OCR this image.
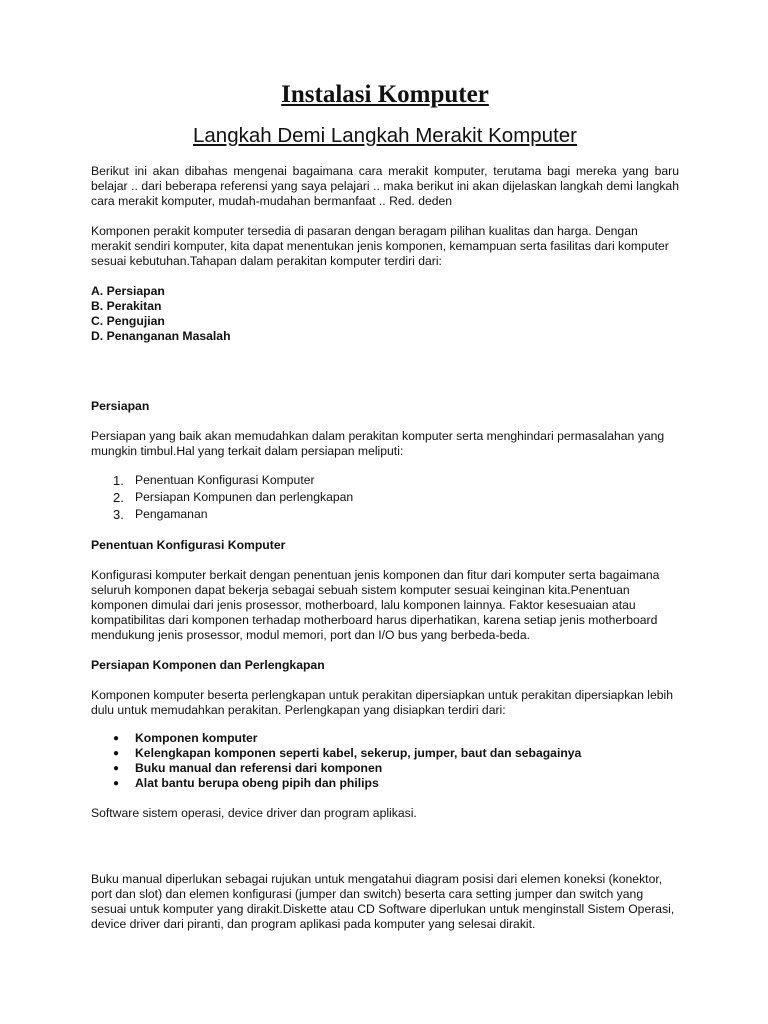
Instalasi Komputer
Langkah Demi Langkah Merakit Komputer

Berikut ini akan dibahas mengenai bagaimana cara merakit komputer, terutama bagi mereka yang baru belajar .. dari beberapa referensi yang saya pelajari .. maka berikut ini akan dijelaskan langkah demi langkah cara merakit komputer, mudah-mudahan bermanfaat .. Red. deden

Komponen perakit komputer tersedia di pasaran dengan beragam pilihan kualitas dan harga. Dengan merakit sendiri komputer, kita dapat menentukan jenis komponen, kemampuan serta fasilitas dari komputer sesuai kebutuhan.Tahapan dalam perakitan komputer terdiri dari:

A. Persiapan
B. Perakitan
C. Pengujian
D. Penanganan Masalah

Persiapan

Persiapan yang baik akan memudahkan dalam perakitan komputer serta menghindari permasalahan yang mungkin timbul.Hal yang terkait dalam persiapan meliputi:

1. Penentuan Konfigurasi Komputer
2. Persiapan Kompunen dan perlengkapan
3. Pengamanan

Penentuan Konfigurasi Komputer

Konfigurasi komputer berkait dengan penentuan jenis komponen dan fitur dari komputer serta bagaimana seluruh komponen dapat bekerja sebagai sebuah sistem komputer sesuai keinginan kita.Penentuan komponen dimulai dari jenis prosessor, motherboard, lalu komponen lainnya. Faktor kesesuaian atau kompatibilitas dari komponen terhadap motherboard harus diperhatikan, karena setiap jenis motherboard mendukung jenis prosessor, modul memori, port dan I/O bus yang berbeda-beda.

Persiapan Komponen dan Perlengkapan

Komponen komputer beserta perlengkapan untuk perakitan dipersiapkan untuk perakitan dipersiapkan lebih dulu untuk memudahkan perakitan. Perlengkapan yang disiapkan terdiri dari:

●	Komponen komputer
●	Kelengkapan komponen seperti kabel, sekerup, jumper, baut dan sebagainya
●	Buku manual dan referensi dari komponen
●	Alat bantu berupa obeng pipih dan philips

Software sistem operasi, device driver dan program aplikasi.

Buku manual diperlukan sebagai rujukan untuk mengatahui diagram posisi dari elemen koneksi (konektor, port dan slot) dan elemen konfigurasi (jumper dan switch) beserta cara setting jumper dan switch yang sesuai untuk komputer yang dirakit.Diskette atau CD Software diperlukan untuk menginstall Sistem Operasi, device driver dari piranti, dan program aplikasi pada komputer yang selesai dirakit.
